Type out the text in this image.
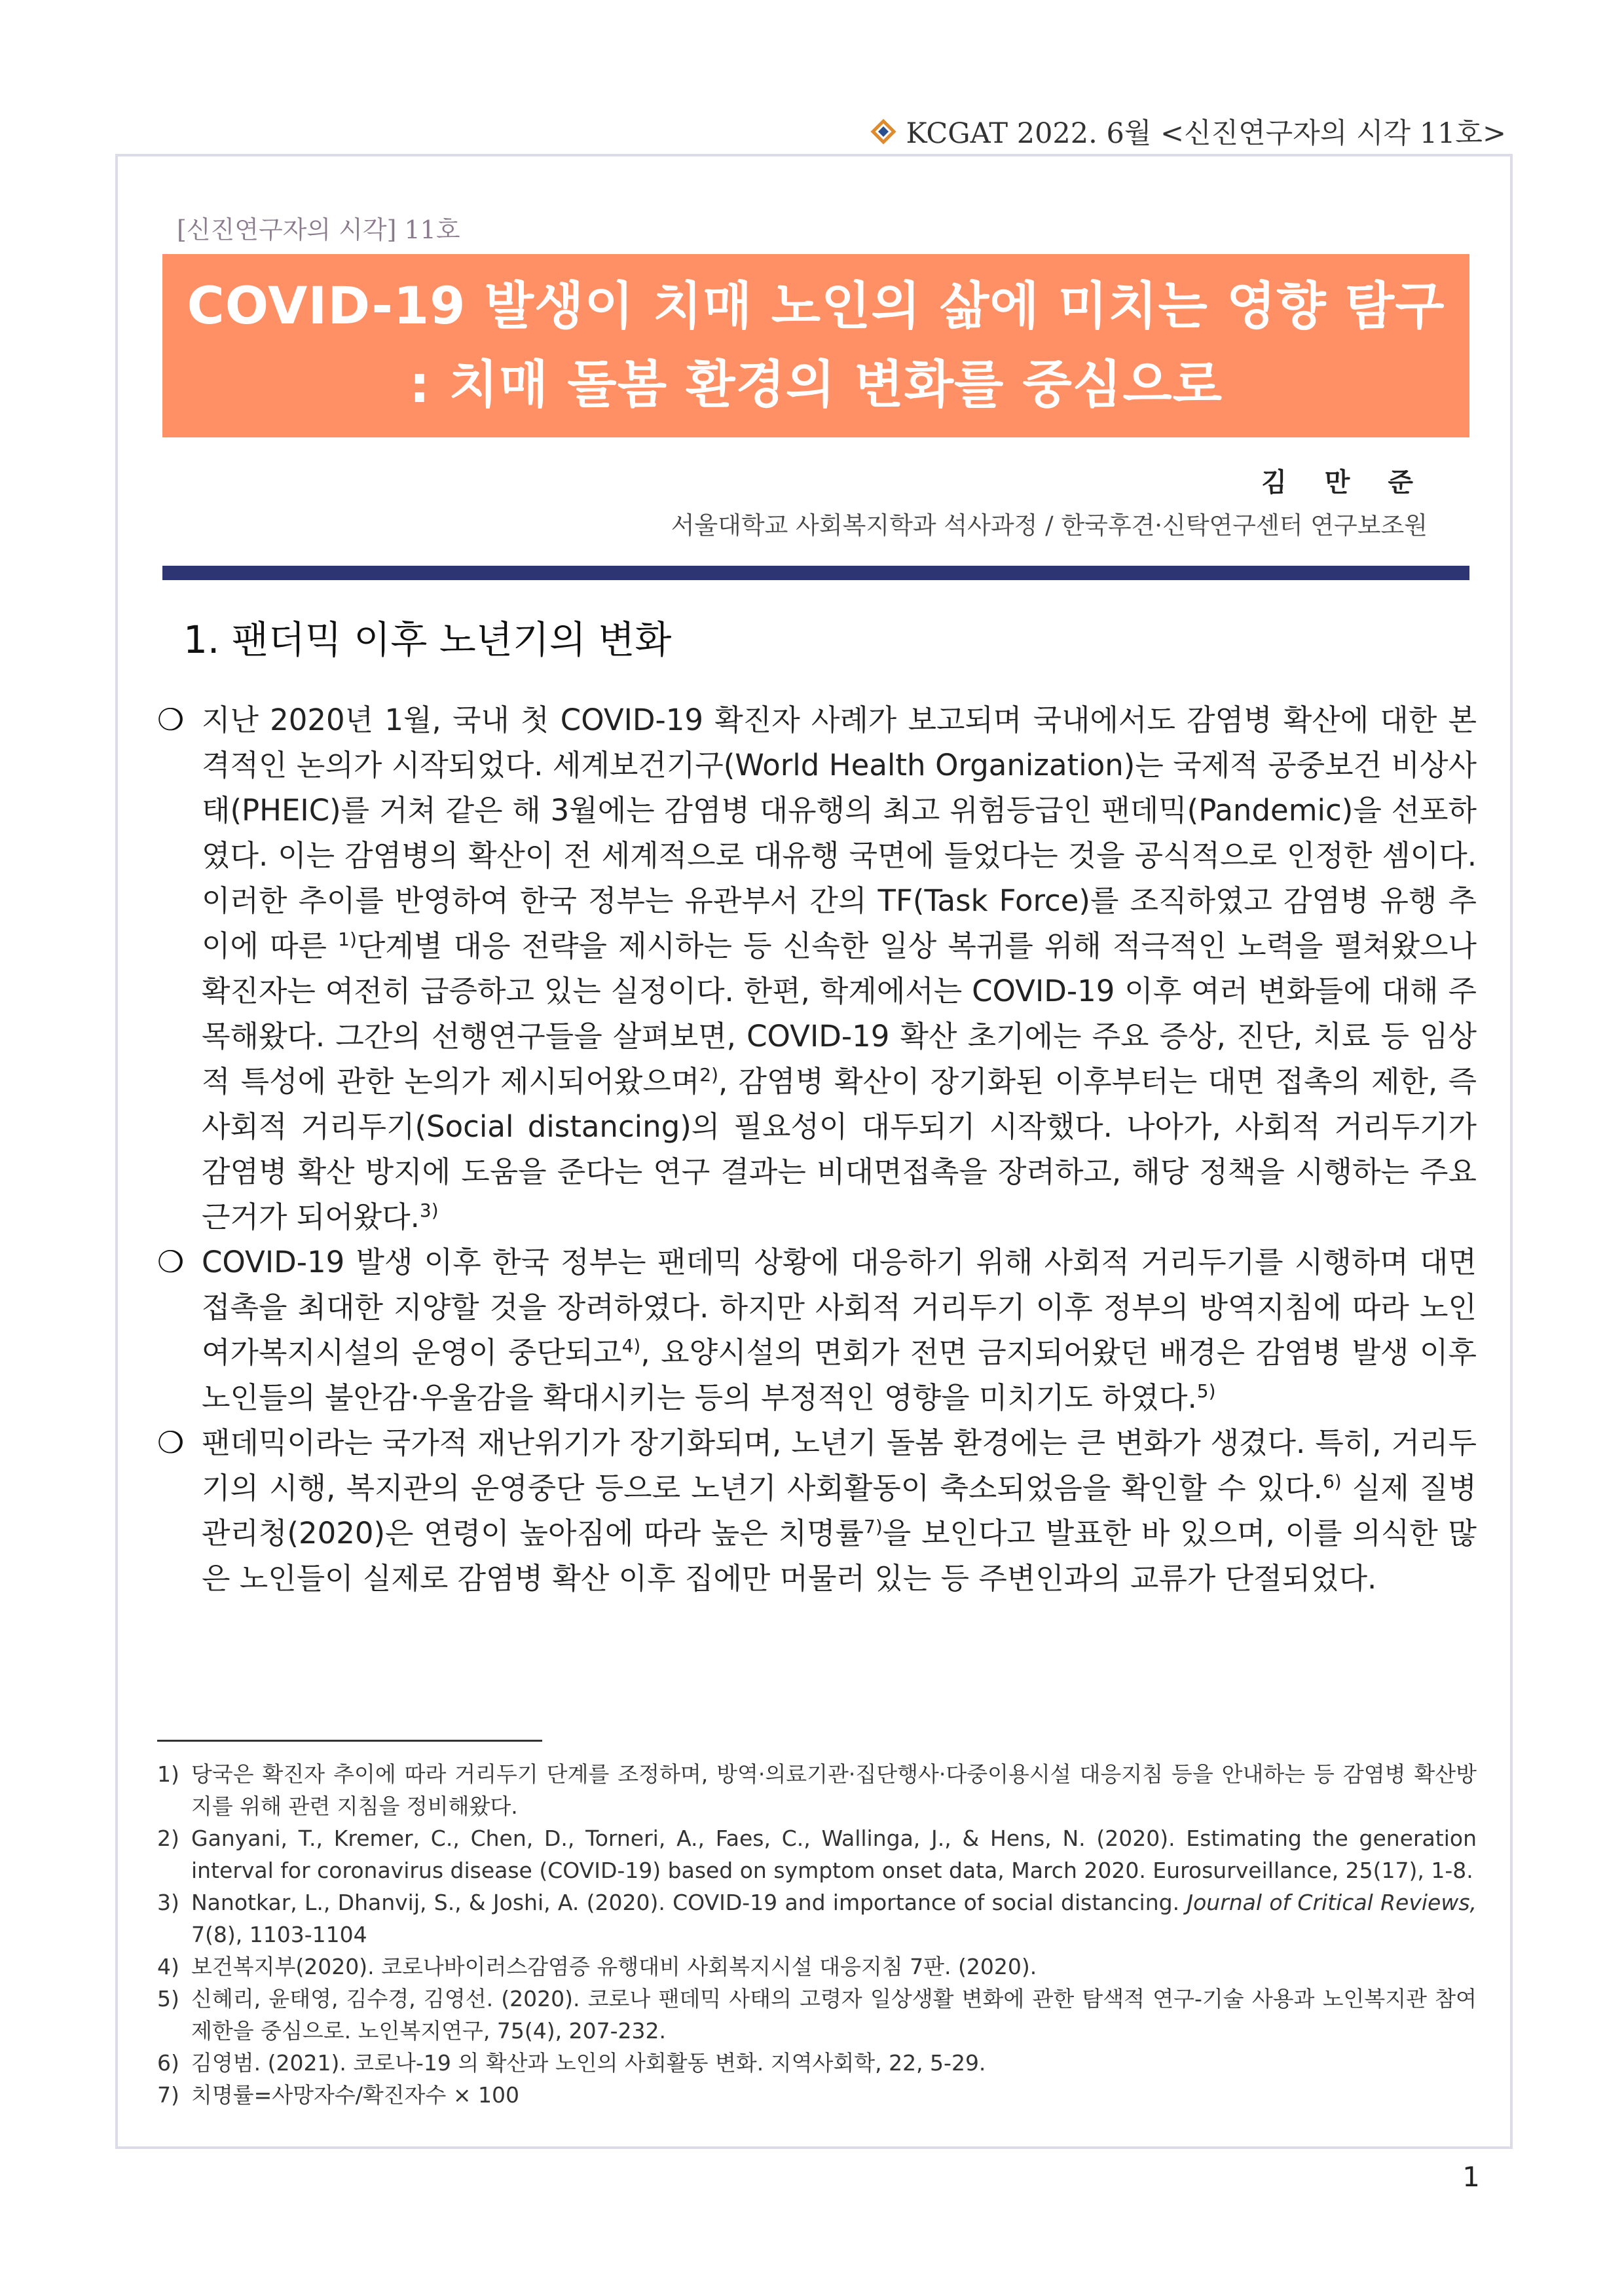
KCGAT 2022. 6월 <신진연구자의 시각 11호>
[신진연구자의 시각] 11호
COVID-19 발생이 치매 노인의 삶에 미치는 영향 탐구
: 치매 돌봄 환경의 변화를 중심으로
김 만 준
서울대학교 사회복지학과 석사과정 / 한국후견·신탁연구센터 연구보조원
1. 팬더믹 이후 노년기의 변화
❍ 지난 2020년 1월, 국내 첫 COVID-19 확진자 사례가 보고되며 국내에서도 감염병 확산에 대한 본격적인 논의가 시작되었다. 세계보건기구(World Health Organization)는 국제적 공중보건 비상사태(PHEIC)를 거쳐 같은 해 3월에는 감염병 대유행의 최고 위험등급인 팬데믹(Pandemic)을 선포하였다. 이는 감염병의 확산이 전 세계적으로 대유행 국면에 들었다는 것을 공식적으로 인정한 셈이다. 이러한 추이를 반영하여 한국 정부는 유관부서 간의 TF(Task Force)를 조직하였고 감염병 유행 추이에 따른 $^{1)}$단계별 대응 전략을 제시하는 등 신속한 일상 복귀를 위해 적극적인 노력을 펼쳐왔으나 확진자는 여전히 급증하고 있는 실정이다. 한편, 학계에서는 COVID-19 이후 여러 변화들에 대해 주목해왔다. 그간의 선행연구들을 살펴보면, COVID-19 확산 초기에는 주요 증상, 진단, 치료 등 임상적 특성에 관한 논의가 제시되어왔으며$^{2)}$, 감염병 확산이 장기화된 이후부터는 대면 접촉의 제한, 즉 사회적 거리두기(Social distancing)의 필요성이 대두되기 시작했다. 나아가, 사회적 거리두기가 감염병 확산 방지에 도움을 준다는 연구 결과는 비대면접촉을 장려하고, 해당 정책을 시행하는 주요 근거가 되어왔다.$^{3)}$
❍ COVID-19 발생 이후 한국 정부는 팬데믹 상황에 대응하기 위해 사회적 거리두기를 시행하며 대면 접촉을 최대한 지양할 것을 장려하였다. 하지만 사회적 거리두기 이후 정부의 방역지침에 따라 노인여가복지시설의 운영이 중단되고$^{4)}$, 요양시설의 면회가 전면 금지되어왔던 배경은 감염병 발생 이후 노인들의 불안감·우울감을 확대시키는 등의 부정적인 영향을 미치기도 하였다.$^{5)}$
❍ 팬데믹이라는 국가적 재난위기가 장기화되며, 노년기 돌봄 환경에는 큰 변화가 생겼다. 특히, 거리두기의 시행, 복지관의 운영중단 등으로 노년기 사회활동이 축소되었음을 확인할 수 있다.$^{6)}$ 실제 질병관리청(2020)은 연령이 높아짐에 따라 높은 치명률$^{7)}$을 보인다고 발표한 바 있으며, 이를 의식한 많은 노인들이 실제로 감염병 확산 이후 집에만 머물러 있는 등 주변인과의 교류가 단절되었다.
1) 당국은 확진자 추이에 따라 거리두기 단계를 조정하며, 방역·의료기관·집단행사·다중이용시설 대응지침 등을 안내하는 등 감염병 확산방지를 위해 관련 지침을 정비해왔다.
2) Ganyani, T., Kremer, C., Chen, D., Torneri, A., Faes, C., Wallinga, J., & Hens, N. (2020). Estimating the generation interval for coronavirus disease (COVID-19) based on symptom onset data, March 2020. Eurosurveillance, 25(17), 1-8.
3) Nanotkar, L., Dhanvij, S., & Joshi, A. (2020). COVID-19 and importance of social distancing. Journal of Critical Reviews, 7(8), 1103-1104
4) 보건복지부(2020). 코로나바이러스감염증 유행대비 사회복지시설 대응지침 7판. (2020).
5) 신혜리, 윤태영, 김수경, 김영선. (2020). 코로나 팬데믹 사태의 고령자 일상생활 변화에 관한 탐색적 연구-기술 사용과 노인복지관 참여 제한을 중심으로. 노인복지연구, 75(4), 207-232.
6) 김영범. (2021). 코로나-19 의 확산과 노인의 사회활동 변화. 지역사회학, 22, 5-29.
7) 치명률=사망자수/확진자수 × 100
1
